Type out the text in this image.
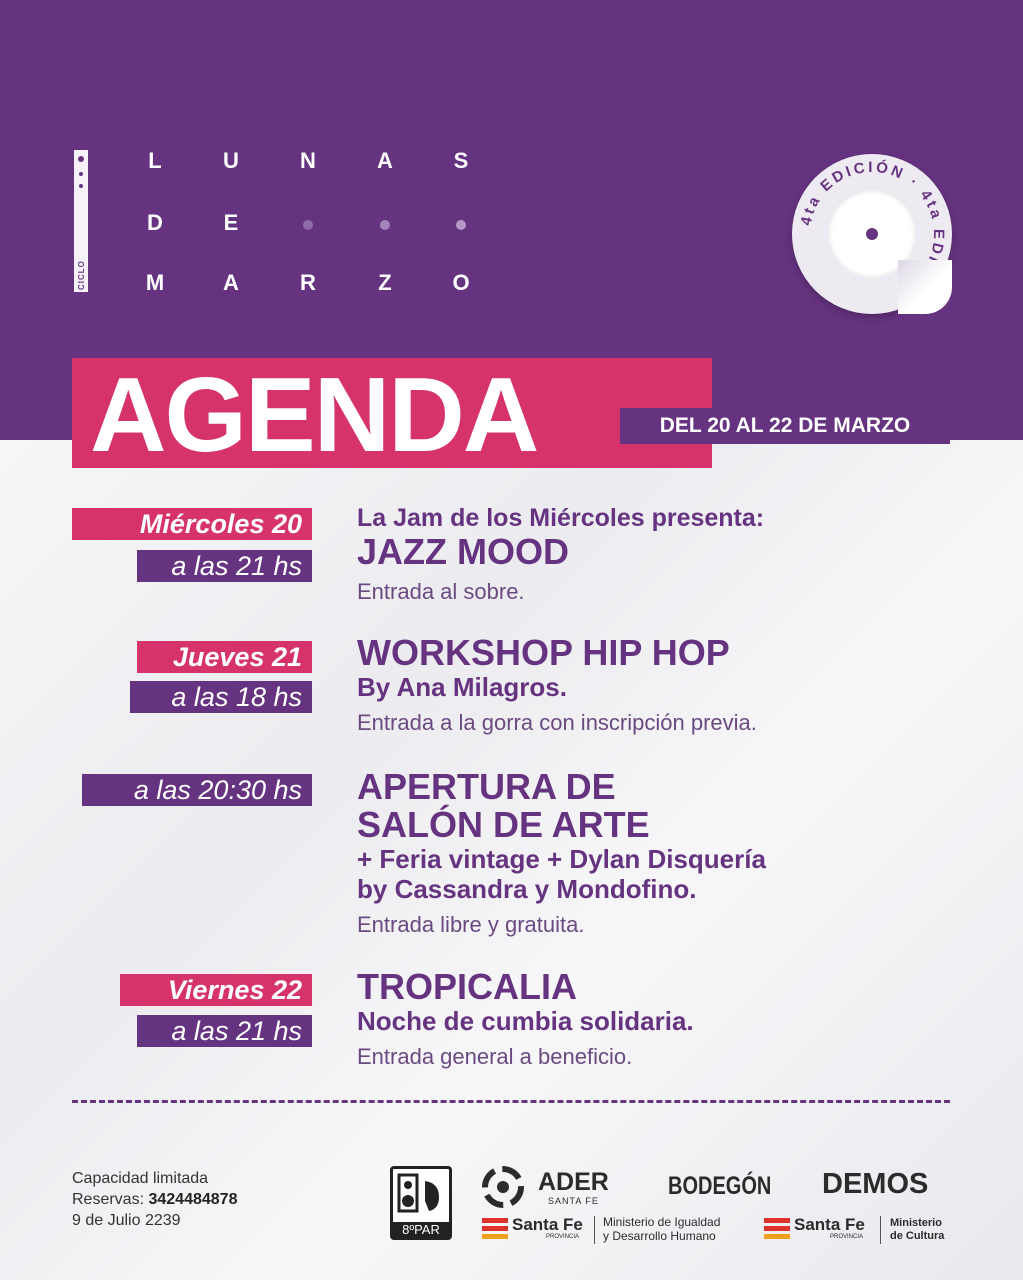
CICLO
L	U	N	A	S
D	E
M	A	R	Z	O
4ta EDICIÓN · 4ta ED
AGENDA	DEL 20 AL 22 DE MARZO
Miércoles 20
a las 21 hs
La Jam de los Miércoles presenta:
JAZZ MOOD
Entrada al sobre.
Jueves 21
a las 18 hs
WORKSHOP HIP HOP
By Ana Milagros.
Entrada a la gorra con inscripción previa.
a las 20:30 hs APERTURA DE
SALÓN DE ARTE
+ Feria vintage + Dylan Disquería
by Cassandra y Mondofino.
Entrada libre y gratuita.
Viernes 22
a las 21 hs
TROPICALIA
Noche de cumbia solidaria.
Entrada general a beneficio.
Capacidad limitada
Reservas: 3424484878
9 de Julio 2239
8ºPAR
ADER
SANTA FE
BODEGÓN DEMOS
Santa Fe
PROVINCIA
Ministerio de Igualdad
y Desarrollo Humano
Santa Fe
PROVINCIA
Ministerio
de Cultura
